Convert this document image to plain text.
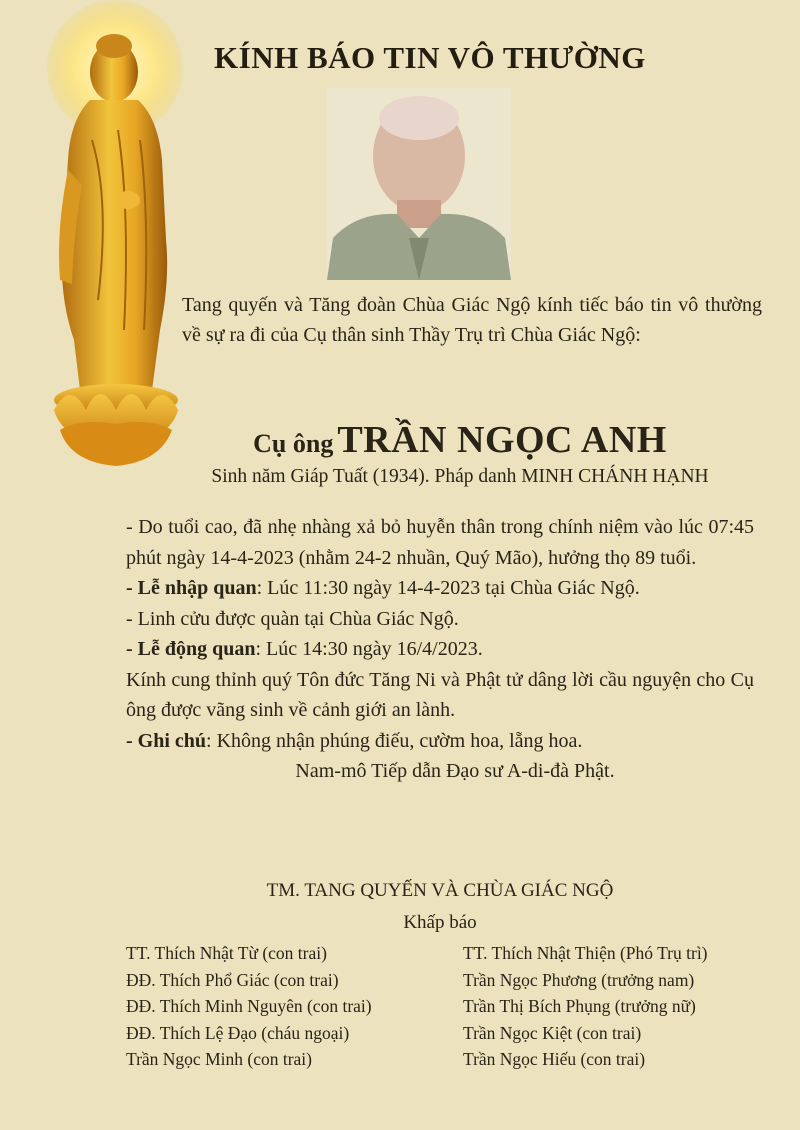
KÍNH BÁO TIN VÔ THƯỜNG
Tang quyến và Tăng đoàn Chùa Giác Ngộ kính tiếc báo tin vô thường về sự ra đi của Cụ thân sinh Thầy Trụ trì Chùa Giác Ngộ:
Cụ ông TRẦN NGỌC ANH
Sinh năm Giáp Tuất (1934). Pháp danh MINH CHÁNH HẠNH

- Do tuổi cao, đã nhẹ nhàng xả bỏ huyễn thân trong chính niệm vào lúc 07:45 phút ngày 14-4-2023 (nhằm 24-2 nhuần, Quý Mão), hưởng thọ 89 tuổi.

- Lễ nhập quan: Lúc 11:30 ngày 14-4-2023 tại Chùa Giác Ngộ.

- Linh cửu được quàn tại Chùa Giác Ngộ.

- Lễ động quan: Lúc 14:30 ngày 16/4/2023.

Kính cung thỉnh quý Tôn đức Tăng Ni và Phật tử dâng lời cầu nguyện cho Cụ ông được vãng sinh về cảnh giới an lành.

- Ghi chú: Không nhận phúng điếu, cườm hoa, lẵng hoa.

Nam-mô Tiếp dẫn Đạo sư A-di-đà Phật.

TM. TANG QUYẾN VÀ CHÙA GIÁC NGỘ
Khấp báo
TT. Thích Nhật Từ (con trai)
ĐĐ. Thích Phổ Giác (con trai)
ĐĐ. Thích Minh Nguyên (con trai)
ĐĐ. Thích Lệ Đạo (cháu ngoại)
Trần Ngọc Minh (con trai)
TT. Thích Nhật Thiện (Phó Trụ trì)
Trần Ngọc Phương (trưởng nam)
Trần Thị Bích Phụng (trưởng nữ)
Trần Ngọc Kiệt (con trai)
Trần Ngọc Hiếu (con trai)
